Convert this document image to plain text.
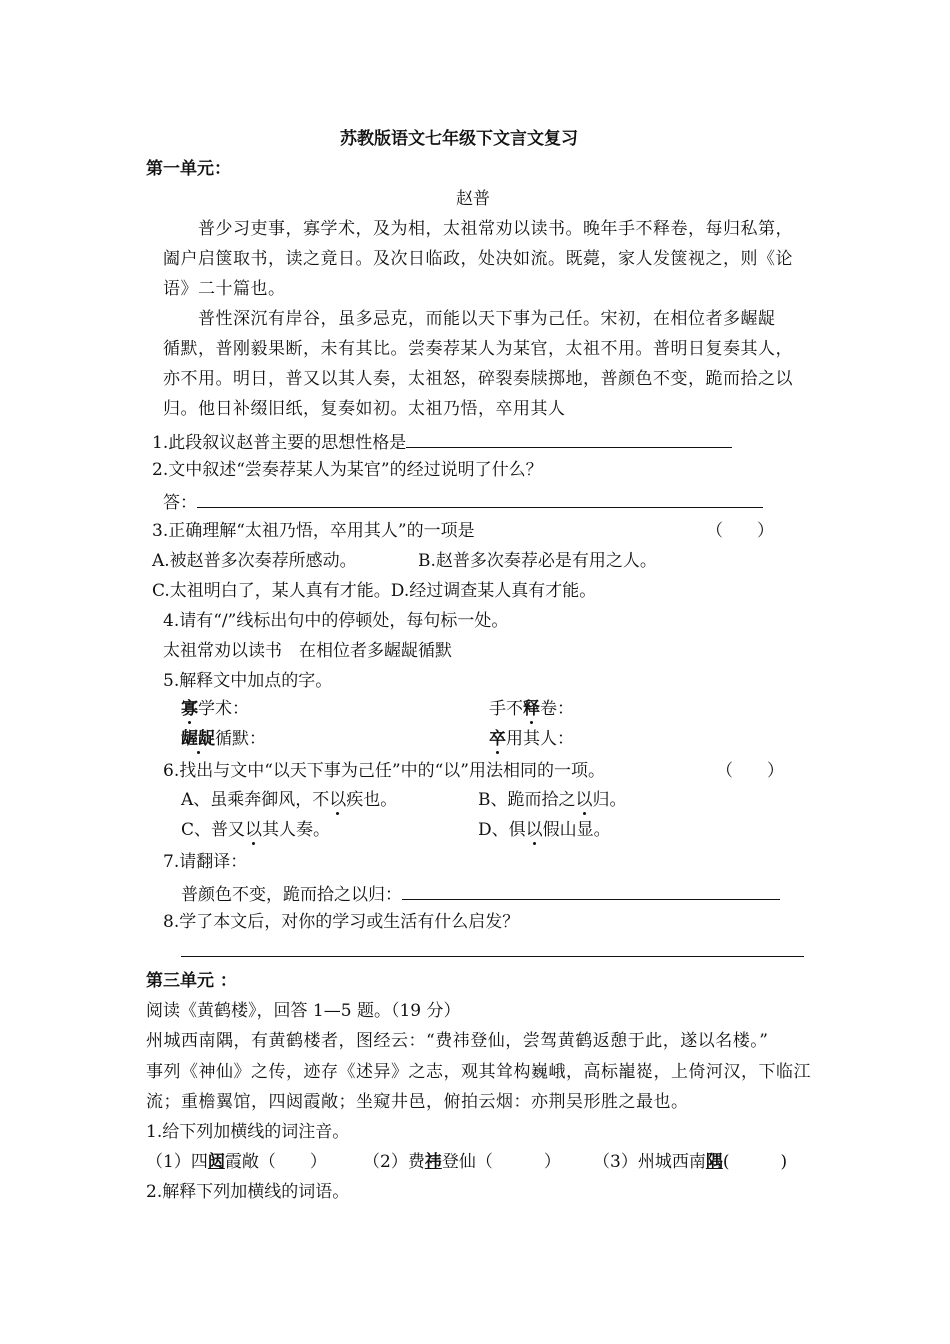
苏教版语文七年级下文言文复习
第一单元：
赵普
普少习吏事，寡学术，及为相，太祖常劝以读书。晚年手不释卷，每归私第，
阖户启箧取书，读之竟日。及次日临政，处决如流。既薨，家人发箧视之，则《论
语》二十篇也。
普性深沉有岸谷，虽多忌克，而能以天下事为己任。宋初，在相位者多龌龊
循默，普刚毅果断，未有其比。尝奏荐某人为某官，太祖不用。普明日复奏其人，
亦不用。明日，普又以其人奏，太祖怒，碎裂奏牍掷地，普颜色不变，跪而拾之以
归。他日补缀旧纸，复奏如初。太祖乃悟，卒用其人
1.此段叙议赵普主要的思想性格是
2.文中叙述“尝奏荐某人为某官”的经过说明了什么？
答：
3.正确理解“太祖乃悟，卒用其人”的一项是	（　　）
A.被赵普多次奏荐所感动。	B.赵普多次奏荐必是有用之人。
C.太祖明白了，某人真有才能。D.经过调查某人真有才能。
4.请有“/”线标出句中的停顿处，每句标一处。
太祖常劝以读书　在相位者多龌龊循默
5.解释文中加点的字。
寡学术：	手不释卷：
龌龊循默：	卒用其人：
6.找出与文中“以天下事为己任”中的“以”用法相同的一项。	（　　）
A、虽乘奔御风，不以疾也。	B、跪而拾之以归。
C、普又以其人奏。	D、俱以假山显。
7.请翻译：
普颜色不变，跪而拾之以归：
8.学了本文后，对你的学习或生活有什么启发？
第三单元 ：
阅读《黄鹤楼》，回答 1—5 题。（19 分）
州城西南隅，有黄鹤楼者，图经云：“费祎登仙，尝驾黄鹤返憩于此，遂以名楼。”
事列《神仙》之传，迹存《述异》之志，观其耸构巍峨，高标巃嵸，上倚河汉，下临江
流；重檐翼馆，四闼霞敞；坐窥井邑，俯拍云烟：亦荆吴形胜之最也。
1.给下列加横线的词注音。
（1）四闼霞敞（　　） （2）费祎登仙（　　　） （3）州城西南隅(　　　)
2.解释下列加横线的词语。
